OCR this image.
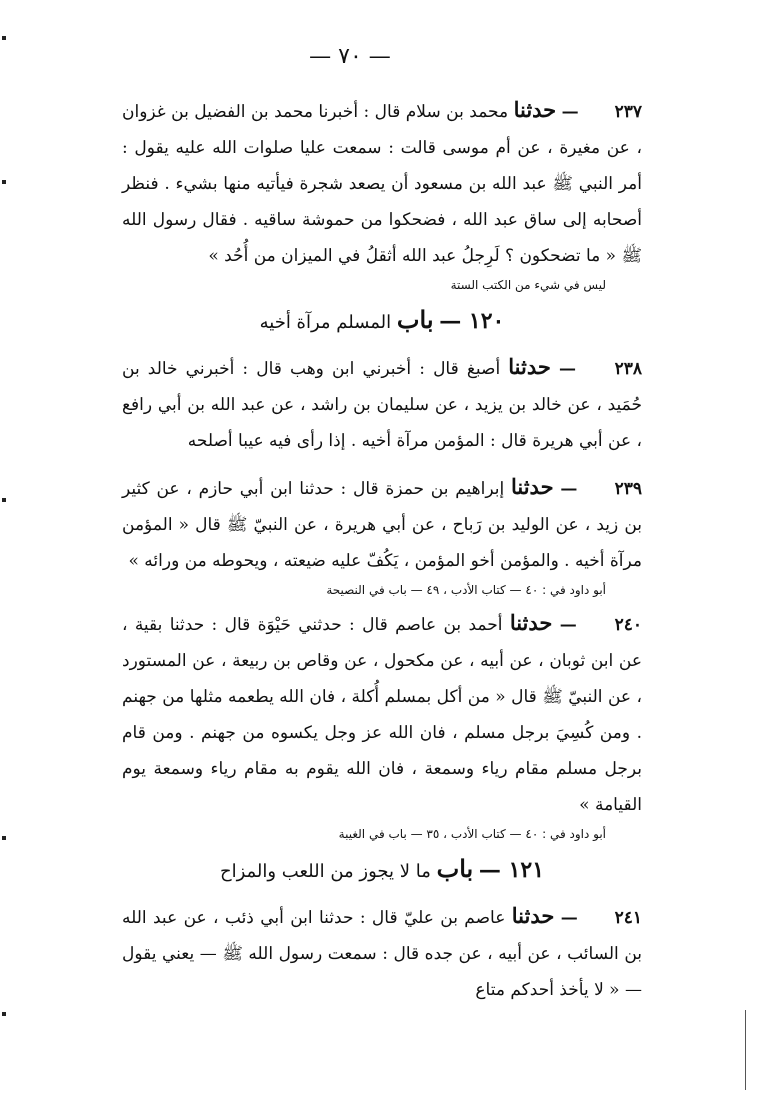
— ٧٠ —

٢٣٧ — حدثنا محمد بن سلام قال : أخبرنا محمد بن الفضيل بن غزوان ، عن مغيرة ، عن أم موسى قالت : سمعت عليا صلوات الله عليه يقول : أمر النبي ﷺ عبد الله بن مسعود أن يصعد شجرة فيأتيه منها بشيء . فنظر أصحابه إلى ساق عبد الله ، فضحكوا من حموشة ساقيه . فقال رسول الله ﷺ « ما تضحكون ؟ لَرِجلُ عبد الله أثقلُ في الميزان من أُحُد »

ليس في شيء من الكتب الستة

١٢٠ — باب المسلم مرآة أخيه

٢٣٨ — حدثنا أصبغ قال : أخبرني ابن وهب قال : أخبرني خالد بن حُمَيد ، عن خالد بن يزيد ، عن سليمان بن راشد ، عن عبد الله بن أبي رافع ، عن أبي هريرة قال : المؤمن مرآة أخيه . إذا رأى فيه عيبا أصلحه

٢٣٩ — حدثنا إبراهيم بن حمزة قال : حدثنا ابن أبي حازم ، عن كثير بن زيد ، عن الوليد بن رَباح ، عن أبي هريرة ، عن النبيّ ﷺ قال « المؤمن مرآة أخيه . والمؤمن أخو المؤمن ، يَكُفّ عليه ضيعته ، ويحوطه من ورائه »

أبو داود في : ٤٠ — كتاب الأدب ، ٤٩ — باب في النصيحة

٢٤٠ — حدثنا أحمد بن عاصم قال : حدثني حَيْوَة قال : حدثنا بقية ، عن ابن ثوبان ، عن أبيه ، عن مكحول ، عن وقاص بن ربيعة ، عن المستورد ، عن النبيّ ﷺ قال « من أكل بمسلم أُكلة ، فان الله يطعمه مثلها من جهنم . ومن كُسِيَ برجل مسلم ، فان الله عز وجل يكسوه من جهنم . ومن قام برجل مسلم مقام رياء وسمعة ، فان الله يقوم به مقام رياء وسمعة يوم القيامة »

أبو داود في : ٤٠ — كتاب الأدب ، ٣٥ — باب في الغيبة

١٢١ — باب ما لا يجوز من اللعب والمزاح

٢٤١ — حدثنا عاصم بن عليّ قال : حدثنا ابن أبي ذئب ، عن عبد الله بن السائب ، عن أبيه ، عن جده قال : سمعت رسول الله ﷺ — يعني يقول — « لا يأخذ أحدكم متاع
